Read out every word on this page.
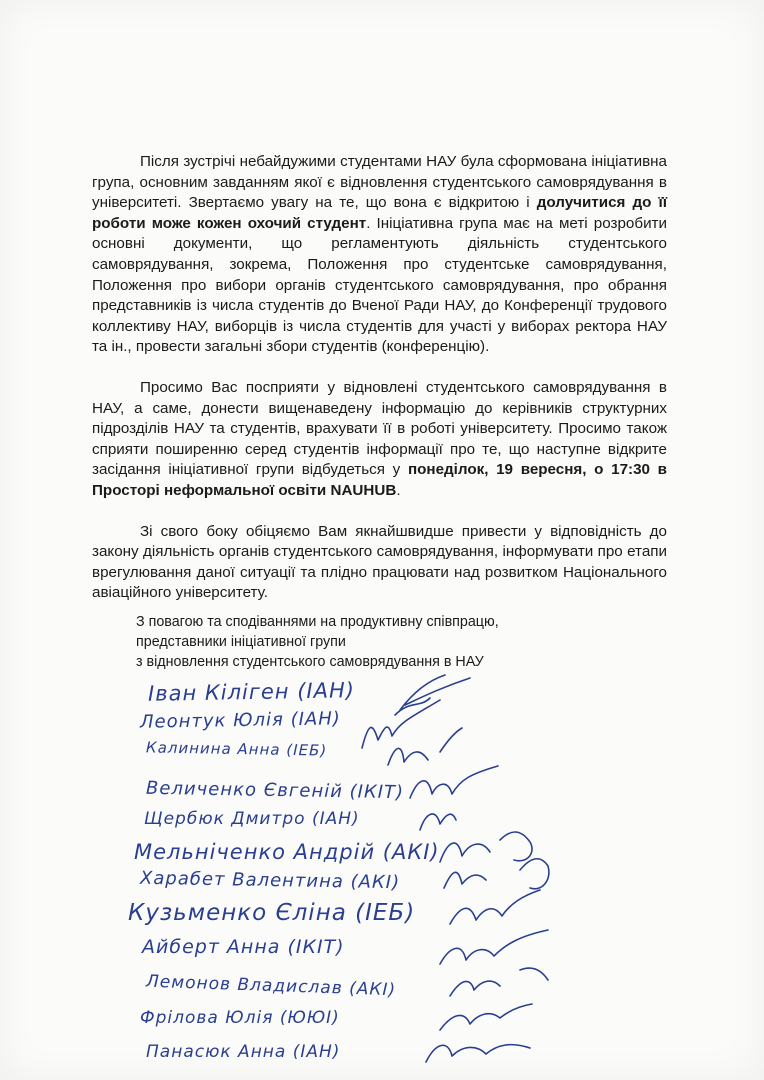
Після зустрічі небайдужими студентами НАУ була сформована ініціативна група, основним завданням якої є відновлення студентського самоврядування в університеті. Звертаємо увагу на те, що вона є відкритою і долучитися до її роботи може кожен охочий студент. Ініціативна група має на меті розробити основні документи, що регламентують діяльність студентського самоврядування, зокрема, Положення про студентське самоврядування, Положення про вибори органів студентського самоврядування, про обрання представників із числа студентів до Вченої Ради НАУ, до Конференції трудового коллективу НАУ, виборців із числа студентів для участі у виборах ректора НАУ та ін., провести загальні збори студентів (конференцію).

Просимо Вас посприяти у відновлені студентського самоврядування в НАУ, а саме, донести вищенаведену інформацію до керівників структурних підрозділів НАУ та студентів, врахувати її в роботі університету. Просимо також сприяти поширенню серед студентів інформації про те, що наступне відкрите засідання ініціативної групи відбудеться у понеділок, 19 вересня, о 17:30 в Просторі неформальної освіти NAUHUB.

Зі свого боку обіцяємо Вам якнайшвидше привести у відповідність до закону діяльність органів студентського самоврядування, інформувати про етапи врегулювання даної ситуації та плідно працювати над розвитком Національного авіаційного університету.

З повагою та сподіваннями на продуктивну співпрацю,
представники ініціативної групи
з відновлення студентського самоврядування в НАУ
Іван Кіліген (ІАН)
Леонтук Юлія (ІАН)
Калинина Анна (ІЕБ)
Величенко Євгеній (ІКІТ)
Щербюк Дмитро (ІАН)
Мельніченко Андрій (АКІ)
Харабет Валентина (АКІ)
Кузьменко Єліна (ІЕБ)
Айберт Анна (ІКІТ)
Лемонов Владислав (АКІ)
Фрілова Юлія (ЮЮІ)
Панасюк Анна (ІАН)
